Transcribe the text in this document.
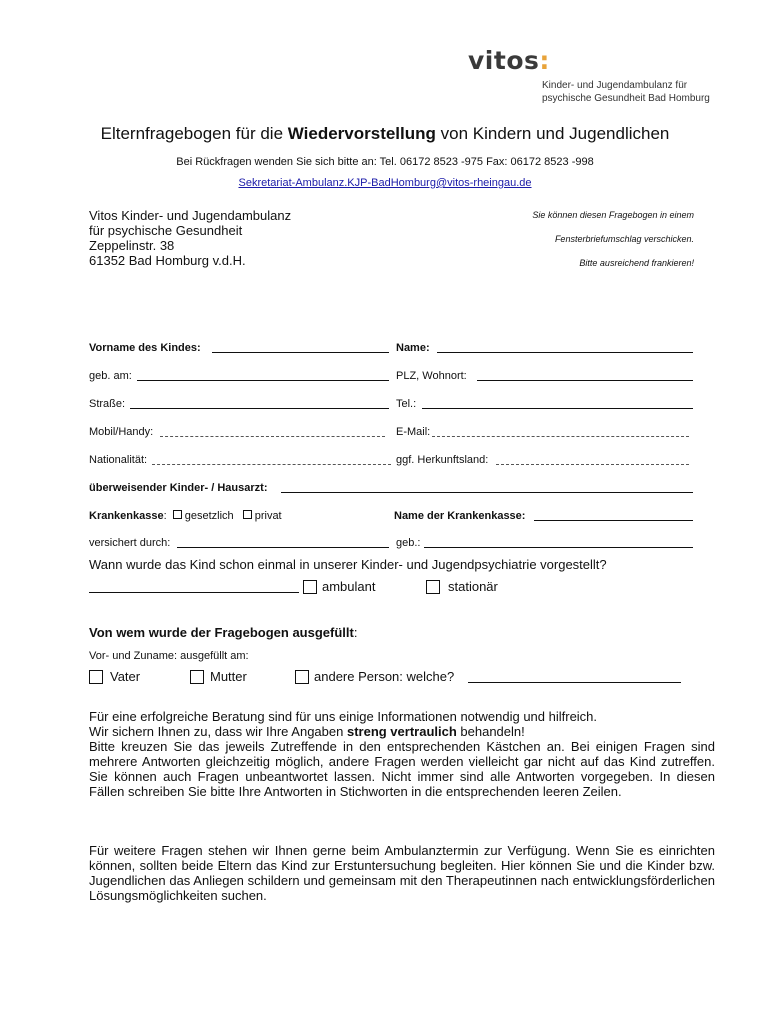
vitos:
Kinder- und Jugendambulanz für
psychische Gesundheit Bad Homburg
Elternfragebogen für die Wiedervorstellung von Kindern und Jugendlichen
Bei Rückfragen wenden Sie sich bitte an: Tel. 06172 8523 -975 Fax: 06172 8523 -998
Sekretariat-Ambulanz.KJP-BadHomburg@vitos-rheingau.de
Vitos Kinder- und Jugendambulanz
für psychische Gesundheit
Zeppelinstr. 38
61352 Bad Homburg v.d.H.
Sie können diesen Fragebogen in einem
Fensterbriefumschlag verschicken.
Bitte ausreichend frankieren!
Vorname des Kindes:	Name:
geb. am:	PLZ, Wohnort:
Straße:	Tel.:
Mobil/Handy:	E-Mail:
Nationalität:	ggf. Herkunftsland:
überweisender Kinder- / Hausarzt:
Krankenkasse: gesetzlich privat	Name der Krankenkasse:
versichert durch:	geb.:
Wann wurde das Kind schon einmal in unserer Kinder- und Jugendpsychiatrie vorgestellt?
ambulant	stationär
Von wem wurde der Fragebogen ausgefüllt:
Vor- und Zuname: ausgefüllt am:
Vater	Mutter	andere Person: welche?
Für eine erfolgreiche Beratung sind für uns einige Informationen notwendig und hilfreich.
Wir sichern Ihnen zu, dass wir Ihre Angaben streng vertraulich behandeln!
Bitte kreuzen Sie das jeweils Zutreffende in den entsprechenden Kästchen an. Bei einigen Fragen sind mehrere Antworten gleichzeitig möglich, andere Fragen werden vielleicht gar nicht auf das Kind zutreffen. Sie können auch Fragen unbeantwortet lassen. Nicht immer sind alle Antworten vorgegeben. In diesen Fällen schreiben Sie bitte Ihre Antworten in Stichworten in die entsprechenden leeren Zeilen.
Für weitere Fragen stehen wir Ihnen gerne beim Ambulanztermin zur Verfügung. Wenn Sie es einrichten können, sollten beide Eltern das Kind zur Erstuntersuchung begleiten. Hier können Sie und die Kinder bzw. Jugendlichen das Anliegen schildern und gemeinsam mit den Therapeutinnen nach entwicklungsförderlichen Lösungsmöglichkeiten suchen.
